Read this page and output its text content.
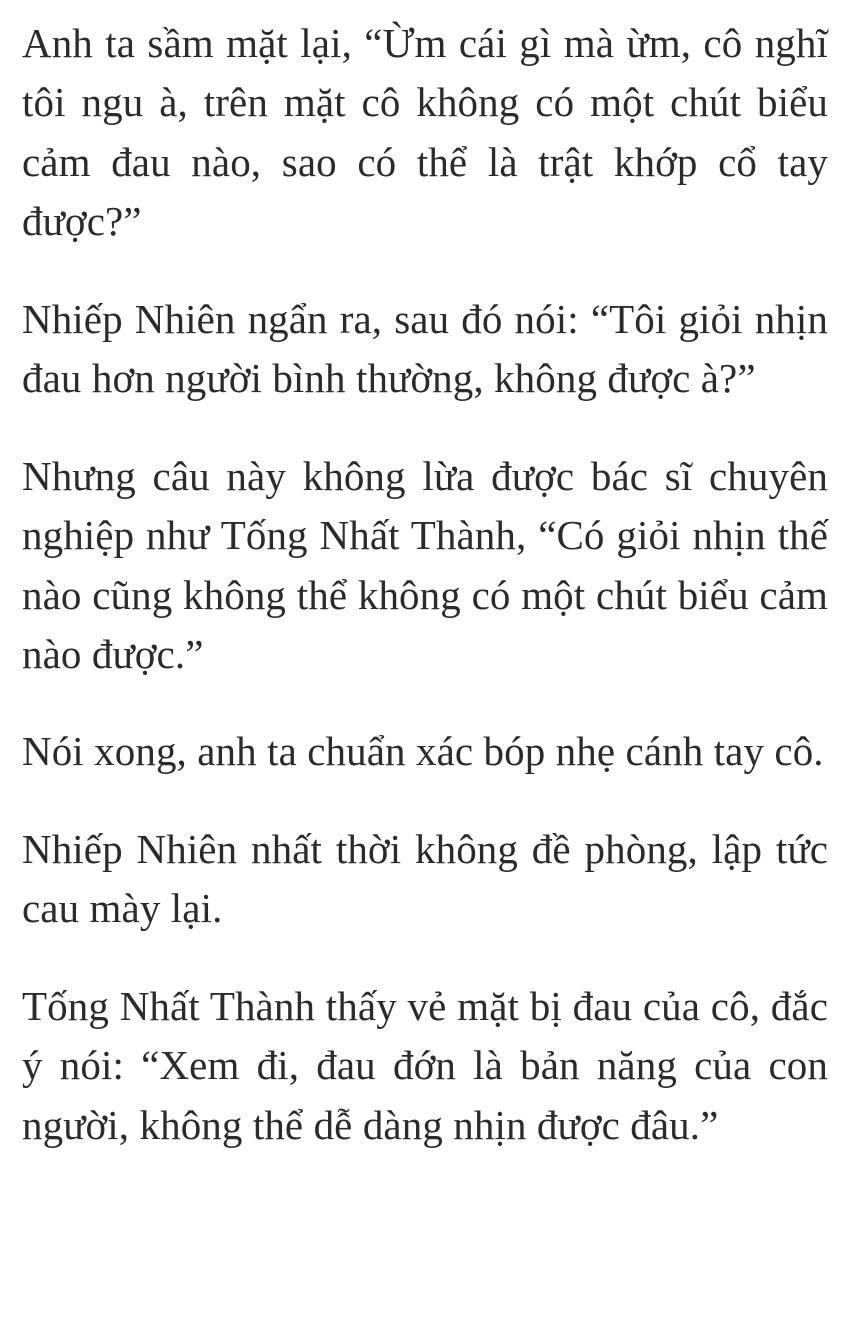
Anh ta sầm mặt lại, “Ừm cái gì mà ừm, cô nghĩ tôi ngu à, trên mặt cô không có một chút biểu cảm đau nào, sao có thể là trật khớp cổ tay được?”

Nhiếp Nhiên ngẩn ra, sau đó nói: “Tôi giỏi nhịn đau hơn người bình thường, không được à?”

Nhưng câu này không lừa được bác sĩ chuyên nghiệp như Tống Nhất Thành, “Có giỏi nhịn thế nào cũng không thể không có một chút biểu cảm nào được.”

Nói xong, anh ta chuẩn xác bóp nhẹ cánh tay cô.

Nhiếp Nhiên nhất thời không đề phòng, lập tức cau mày lại.

Tống Nhất Thành thấy vẻ mặt bị đau của cô, đắc ý nói: “Xem đi, đau đớn là bản năng của con người, không thể dễ dàng nhịn được đâu.”
